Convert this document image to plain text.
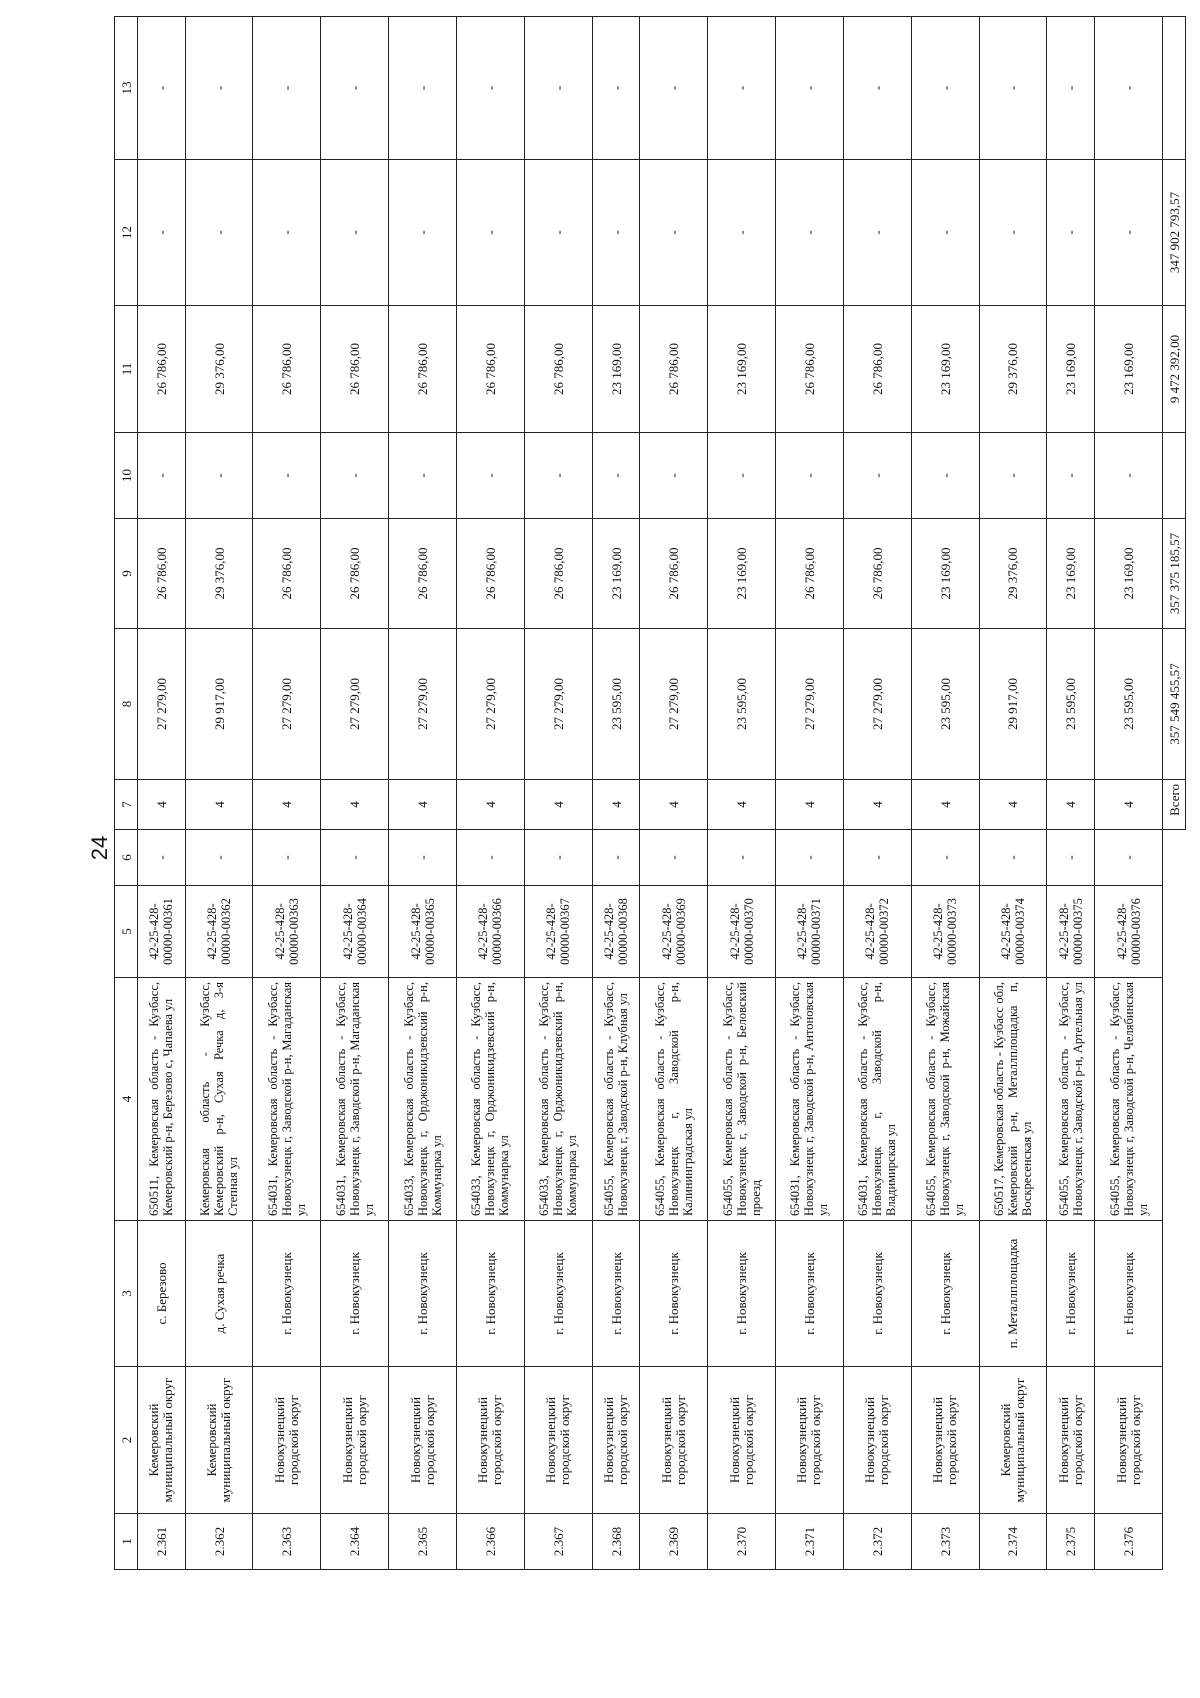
24
1	2	3	4	5	6	7	8	9	10	11	12	13
2.361	Кемеровский муниципальный округ	с. Березово	650511, Кемеровская область - Кузбасс, Кемеровский р-н, Березово с, Чапаева ул	42-25-428-00000-00361	-	4	27 279,00	26 786,00	-	26 786,00	-	-
2.362	Кемеровский муниципальный округ	д. Сухая речка	Кемеровская область - Кузбасс, Кемеровский р-н, Сухая Речка д, 3-я Степная ул	42-25-428-00000-00362	-	4	29 917,00	29 376,00	-	29 376,00	-	-
2.363	Новокузнецкий городской округ	г. Новокузнецк	654031, Кемеровская область - Кузбасс, Новокузнецк г, Заводской р-н, Магаданская ул	42-25-428-00000-00363	-	4	27 279,00	26 786,00	-	26 786,00	-	-
2.364	Новокузнецкий городской округ	г. Новокузнецк	654031, Кемеровская область - Кузбасс, Новокузнецк г, Заводской р-н, Магаданская ул	42-25-428-00000-00364	-	4	27 279,00	26 786,00	-	26 786,00	-	-
2.365	Новокузнецкий городской округ	г. Новокузнецк	654033, Кемеровская область - Кузбасс, Новокузнецк г, Орджоникидзевский р-н, Коммунарка ул	42-25-428-00000-00365	-	4	27 279,00	26 786,00	-	26 786,00	-	-
2.366	Новокузнецкий городской округ	г. Новокузнецк	654033, Кемеровская область - Кузбасс, Новокузнецк г, Орджоникидзевский р-н, Коммунарка ул	42-25-428-00000-00366	-	4	27 279,00	26 786,00	-	26 786,00	-	-
2.367	Новокузнецкий городской округ	г. Новокузнецк	654033, Кемеровская область - Кузбасс, Новокузнецк г, Орджоникидзевский р-н, Коммунарка ул	42-25-428-00000-00367	-	4	27 279,00	26 786,00	-	26 786,00	-	-
2.368	Новокузнецкий городской округ	г. Новокузнецк	654055, Кемеровская область - Кузбасс, Новокузнецк г, Заводской р-н, Клубная ул	42-25-428-00000-00368	-	4	23 595,00	23 169,00	-	23 169,00	-	-
2.369	Новокузнецкий городской округ	г. Новокузнецк	654055, Кемеровская область - Кузбасс, Новокузнецк г, Заводской р-н, Калининградская ул	42-25-428-00000-00369	-	4	27 279,00	26 786,00	-	26 786,00	-	-
2.370	Новокузнецкий городской округ	г. Новокузнецк	654055, Кемеровская область - Кузбасс, Новокузнецк г, Заводской р-н, Беловский проезд	42-25-428-00000-00370	-	4	23 595,00	23 169,00	-	23 169,00	-	-
2.371	Новокузнецкий городской округ	г. Новокузнецк	654031, Кемеровская область - Кузбасс, Новокузнецк г, Заводской р-н, Антоновская ул	42-25-428-00000-00371	-	4	27 279,00	26 786,00	-	26 786,00	-	-
2.372	Новокузнецкий городской округ	г. Новокузнецк	654031, Кемеровская область - Кузбасс, Новокузнецк г, Заводской р-н, Владимирская ул	42-25-428-00000-00372	-	4	27 279,00	26 786,00	-	26 786,00	-	-
2.373	Новокузнецкий городской округ	г. Новокузнецк	654055, Кемеровская область - Кузбасс, Новокузнецк г, Заводской р-н, Можайская ул	42-25-428-00000-00373	-	4	23 595,00	23 169,00	-	23 169,00	-	-
2.374	Кемеровский муниципальный округ	п. Металлплощадка	650517, Кемеровская область - Кузбасс обл, Кемеровский р-н, Металлплощадка п, Воскресенская ул	42-25-428-00000-00374	-	4	29 917,00	29 376,00	-	29 376,00	-	-
2.375	Новокузнецкий городской округ	г. Новокузнецк	654055, Кемеровская область - Кузбасс, Новокузнецк г, Заводской р-н, Артельная ул	42-25-428-00000-00375	-	4	23 595,00	23 169,00	-	23 169,00	-	-
2.376	Новокузнецкий городской округ	г. Новокузнецк	654055, Кемеровская область - Кузбасс, Новокузнецк г, Заводской р-н, Челябинская ул	42-25-428-00000-00376	-	4	23 595,00	23 169,00	-	23 169,00	-	-
						Всего	357 549 455,57	357 375 185,57		9 472 392,00	347 902 793,57	
